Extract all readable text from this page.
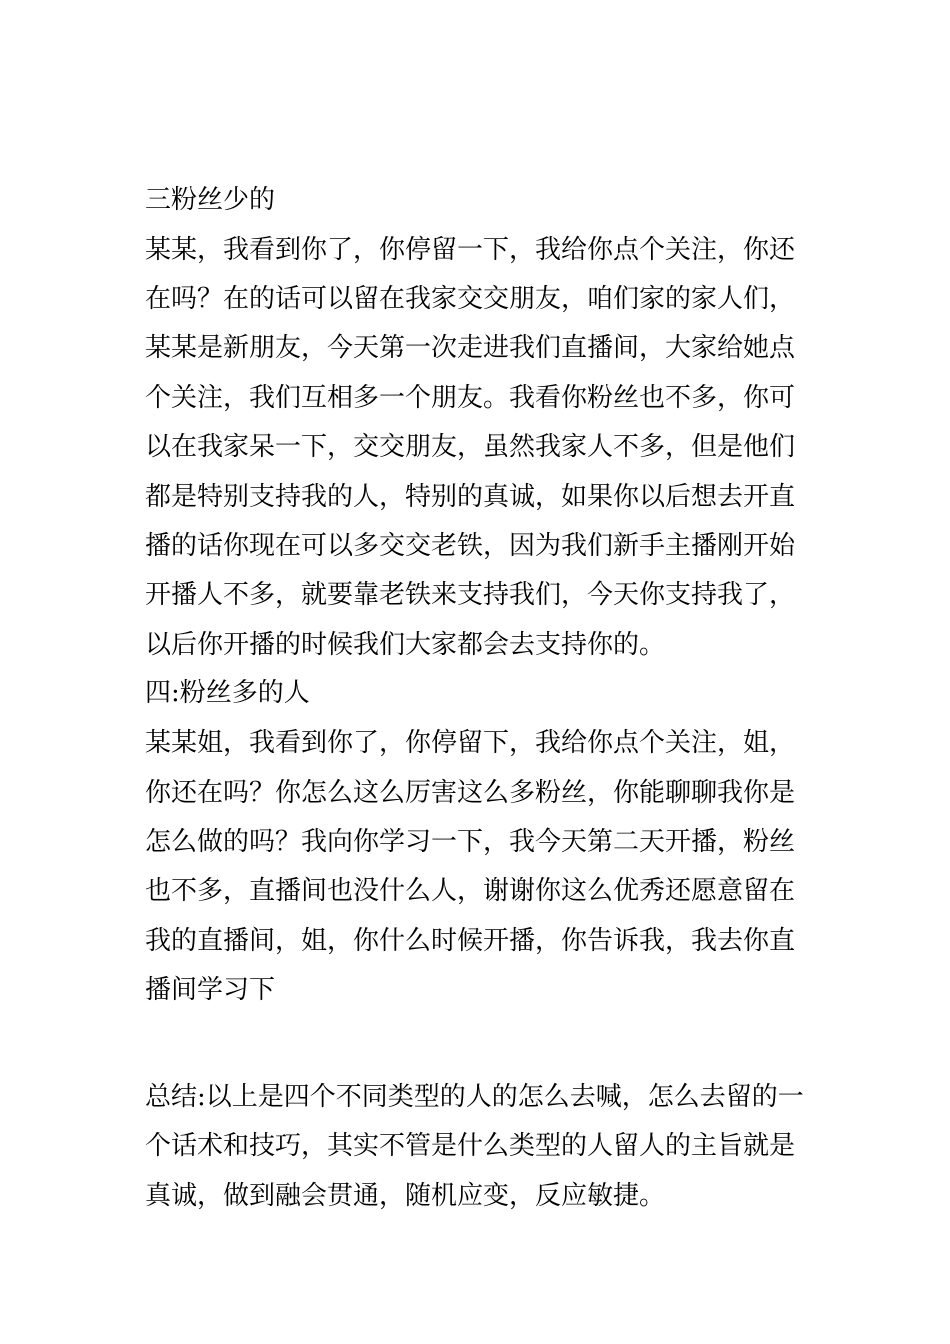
三粉丝少的

某某，我看到你了，你停留一下，我给你点个关注，你还

在吗？在的话可以留在我家交交朋友，咱们家的家人们，

某某是新朋友，今天第一次走进我们直播间，大家给她点

个关注，我们互相多一个朋友。我看你粉丝也不多，你可

以在我家呆一下，交交朋友，虽然我家人不多，但是他们

都是特别支持我的人，特别的真诚，如果你以后想去开直

播的话你现在可以多交交老铁，因为我们新手主播刚开始

开播人不多，就要靠老铁来支持我们，今天你支持我了，

以后你开播的时候我们大家都会去支持你的。

四:粉丝多的人

某某姐，我看到你了，你停留下，我给你点个关注，姐，

你还在吗？你怎么这么厉害这么多粉丝，你能聊聊我你是

怎么做的吗？我向你学习一下，我今天第二天开播，粉丝

也不多，直播间也没什么人，谢谢你这么优秀还愿意留在

我的直播间，姐，你什么时候开播，你告诉我，我去你直

播间学习下

总结:以上是四个不同类型的人的怎么去喊，怎么去留的一

个话术和技巧，其实不管是什么类型的人留人的主旨就是

真诚，做到融会贯通，随机应变，反应敏捷。
